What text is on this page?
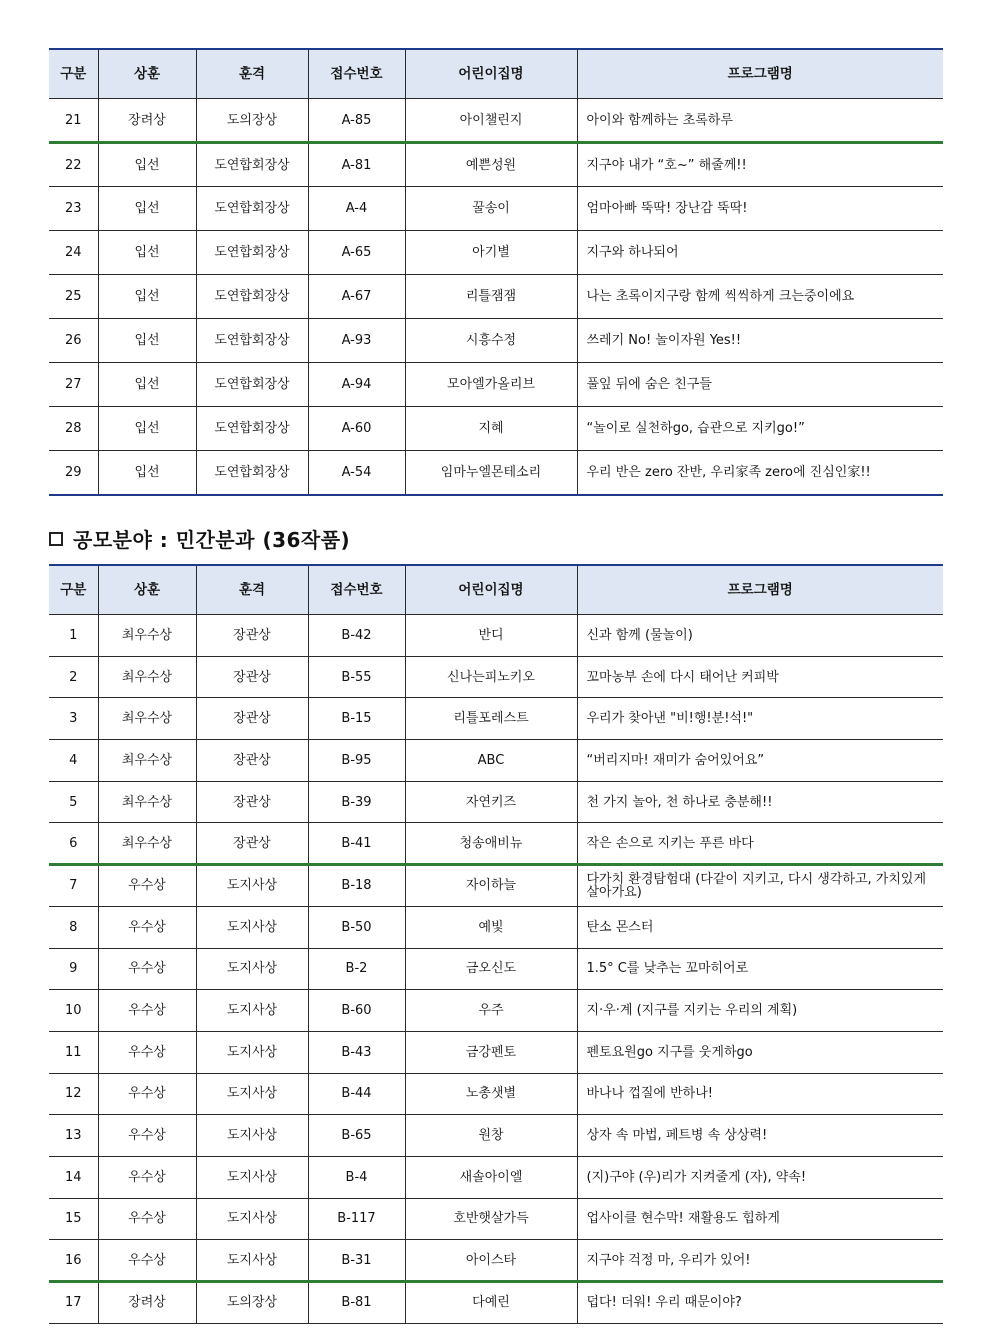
구분	상훈	훈격	접수번호	어린이집명	프로그램명
21	장려상	도의장상	A-85	아이챌린지	아이와 함께하는 초록하루
22	입선	도연합회장상	A-81	예쁜성원	지구야 내가 “호~” 해줄께!!
23	입선	도연합회장상	A-4	꿀송이	엄마아빠 뚝딱! 장난감 뚝딱!
24	입선	도연합회장상	A-65	아기별	지구와 하나되어
25	입선	도연합회장상	A-67	리틀잼잼	나는 초록이지구랑 함께 씩씩하게 크는중이에요
26	입선	도연합회장상	A-93	시흥수정	쓰레기 No! 놀이자원 Yes!!
27	입선	도연합회장상	A-94	모아엘가올리브	풀잎 뒤에 숨은 친구들
28	입선	도연합회장상	A-60	지혜	“놀이로 실천하go, 습관으로 지키go!”
29	입선	도연합회장상	A-54	임마누엘몬테소리	우리 반은 zero 잔반, 우리家족 zero에 진심인家!!
공모분야 : 민간분과 (36작품)
구분	상훈	훈격	접수번호	어린이집명	프로그램명
1	최우수상	장관상	B-42	반디	신과 함께 (물놀이)
2	최우수상	장관상	B-55	신나는피노키오	꼬마농부 손에 다시 태어난 커피박
3	최우수상	장관상	B-15	리틀포레스트	우리가 찾아낸 "비!행!분!석!"
4	최우수상	장관상	B-95	ABC	“버리지마! 재미가 숨어있어요”
5	최우수상	장관상	B-39	자연키즈	천 가지 놀아, 천 하나로 충분해!!
6	최우수상	장관상	B-41	청송애비뉴	작은 손으로 지키는 푸른 바다
7	우수상	도지사상	B-18	자이하늘	다가치 환경탐험대 (다같이 지키고, 다시 생각하고, 가치있게 살아가요)
8	우수상	도지사상	B-50	예빛	탄소 몬스터
9	우수상	도지사상	B-2	금오신도	1.5° C를 낮추는 꼬마히어로
10	우수상	도지사상	B-60	우주	지·우·계 (지구를 지키는 우리의 계획)
11	우수상	도지사상	B-43	금강펜토	펜토요원go 지구를 웃게하go
12	우수상	도지사상	B-44	노총샛별	바나나 껍질에 반하나!
13	우수상	도지사상	B-65	원창	상자 속 마법, 페트병 속 상상력!
14	우수상	도지사상	B-4	새솔아이엘	(지)구야 (우)리가 지켜줄게 (자), 약속!
15	우수상	도지사상	B-117	호반햇살가득	업사이클 현수막! 재활용도 힙하게
16	우수상	도지사상	B-31	아이스타	지구야 걱정 마, 우리가 있어!
17	장려상	도의장상	B-81	다예린	덥다! 더워! 우리 때문이야?
